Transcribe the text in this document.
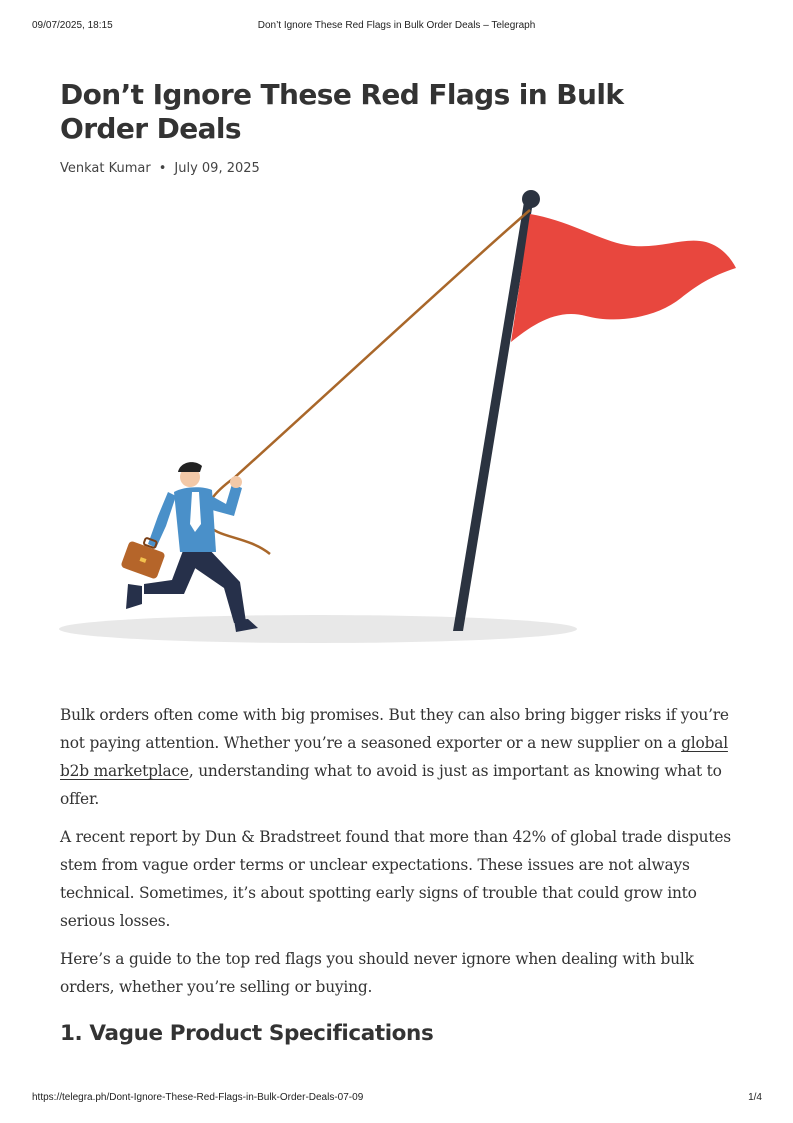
09/07/2025, 18:15	Don’t Ignore These Red Flags in Bulk Order Deals – Telegraph
Don’t Ignore These Red Flags in Bulk Order Deals
Venkat Kumar • July 09, 2025

Bulk orders often come with big promises. But they can also bring bigger risks if you’re not paying attention. Whether you’re a seasoned exporter or a new supplier on a global b2b marketplace, understanding what to avoid is just as important as knowing what to offer.

A recent report by Dun & Bradstreet found that more than 42% of global trade disputes stem from vague order terms or unclear expectations. These issues are not always technical. Sometimes, it’s about spotting early signs of trouble that could grow into serious losses.

Here’s a guide to the top red flags you should never ignore when dealing with bulk orders, whether you’re selling or buying.

1. Vague Product Specifications
https://telegra.ph/Dont-Ignore-These-Red-Flags-in-Bulk-Order-Deals-07-09	1/4
